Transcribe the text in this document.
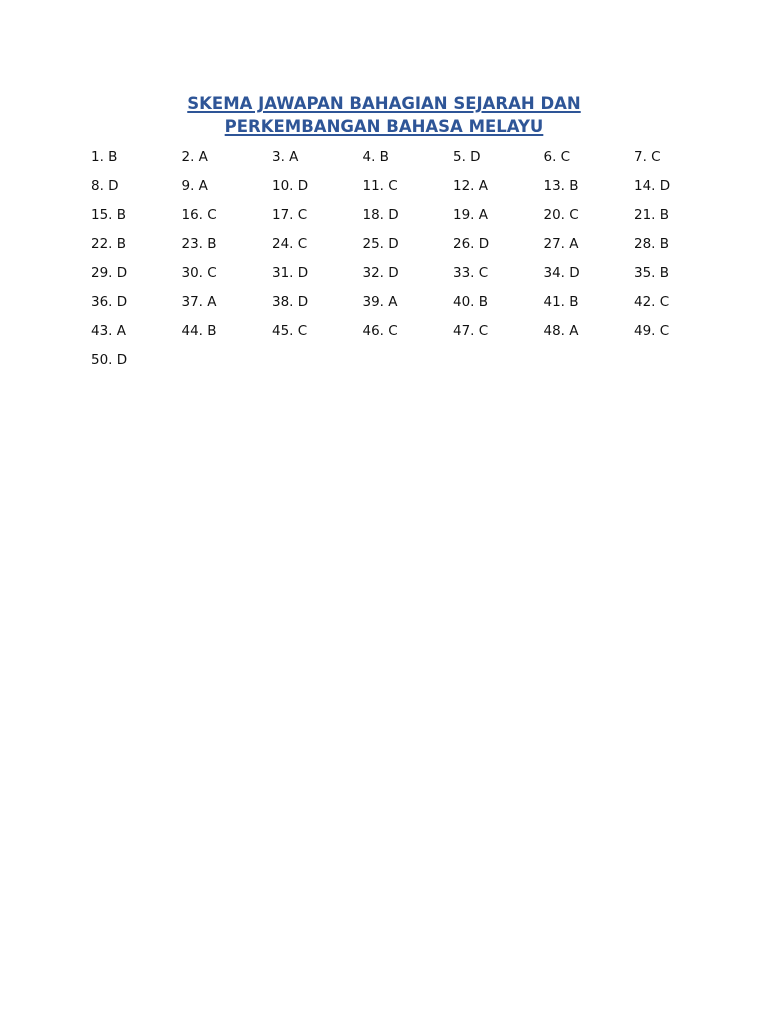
SKEMA JAWAPAN BAHAGIAN SEJARAH DAN
PERKEMBANGAN BAHASA MELAYU
1. B	2. A	3. A	4. B	5. D	6. C	7. C
8. D	9. A	10. D	11. C	12. A	13. B	14. D
15. B	16. C	17. C	18. D	19. A	20. C	21. B
22. B	23. B	24. C	25. D	26. D	27. A	28. B
29. D	30. C	31. D	32. D	33. C	34. D	35. B
36. D	37. A	38. D	39. A	40. B	41. B	42. C
43. A	44. B	45. C	46. C	47. C	48. A	49. C
50. D
